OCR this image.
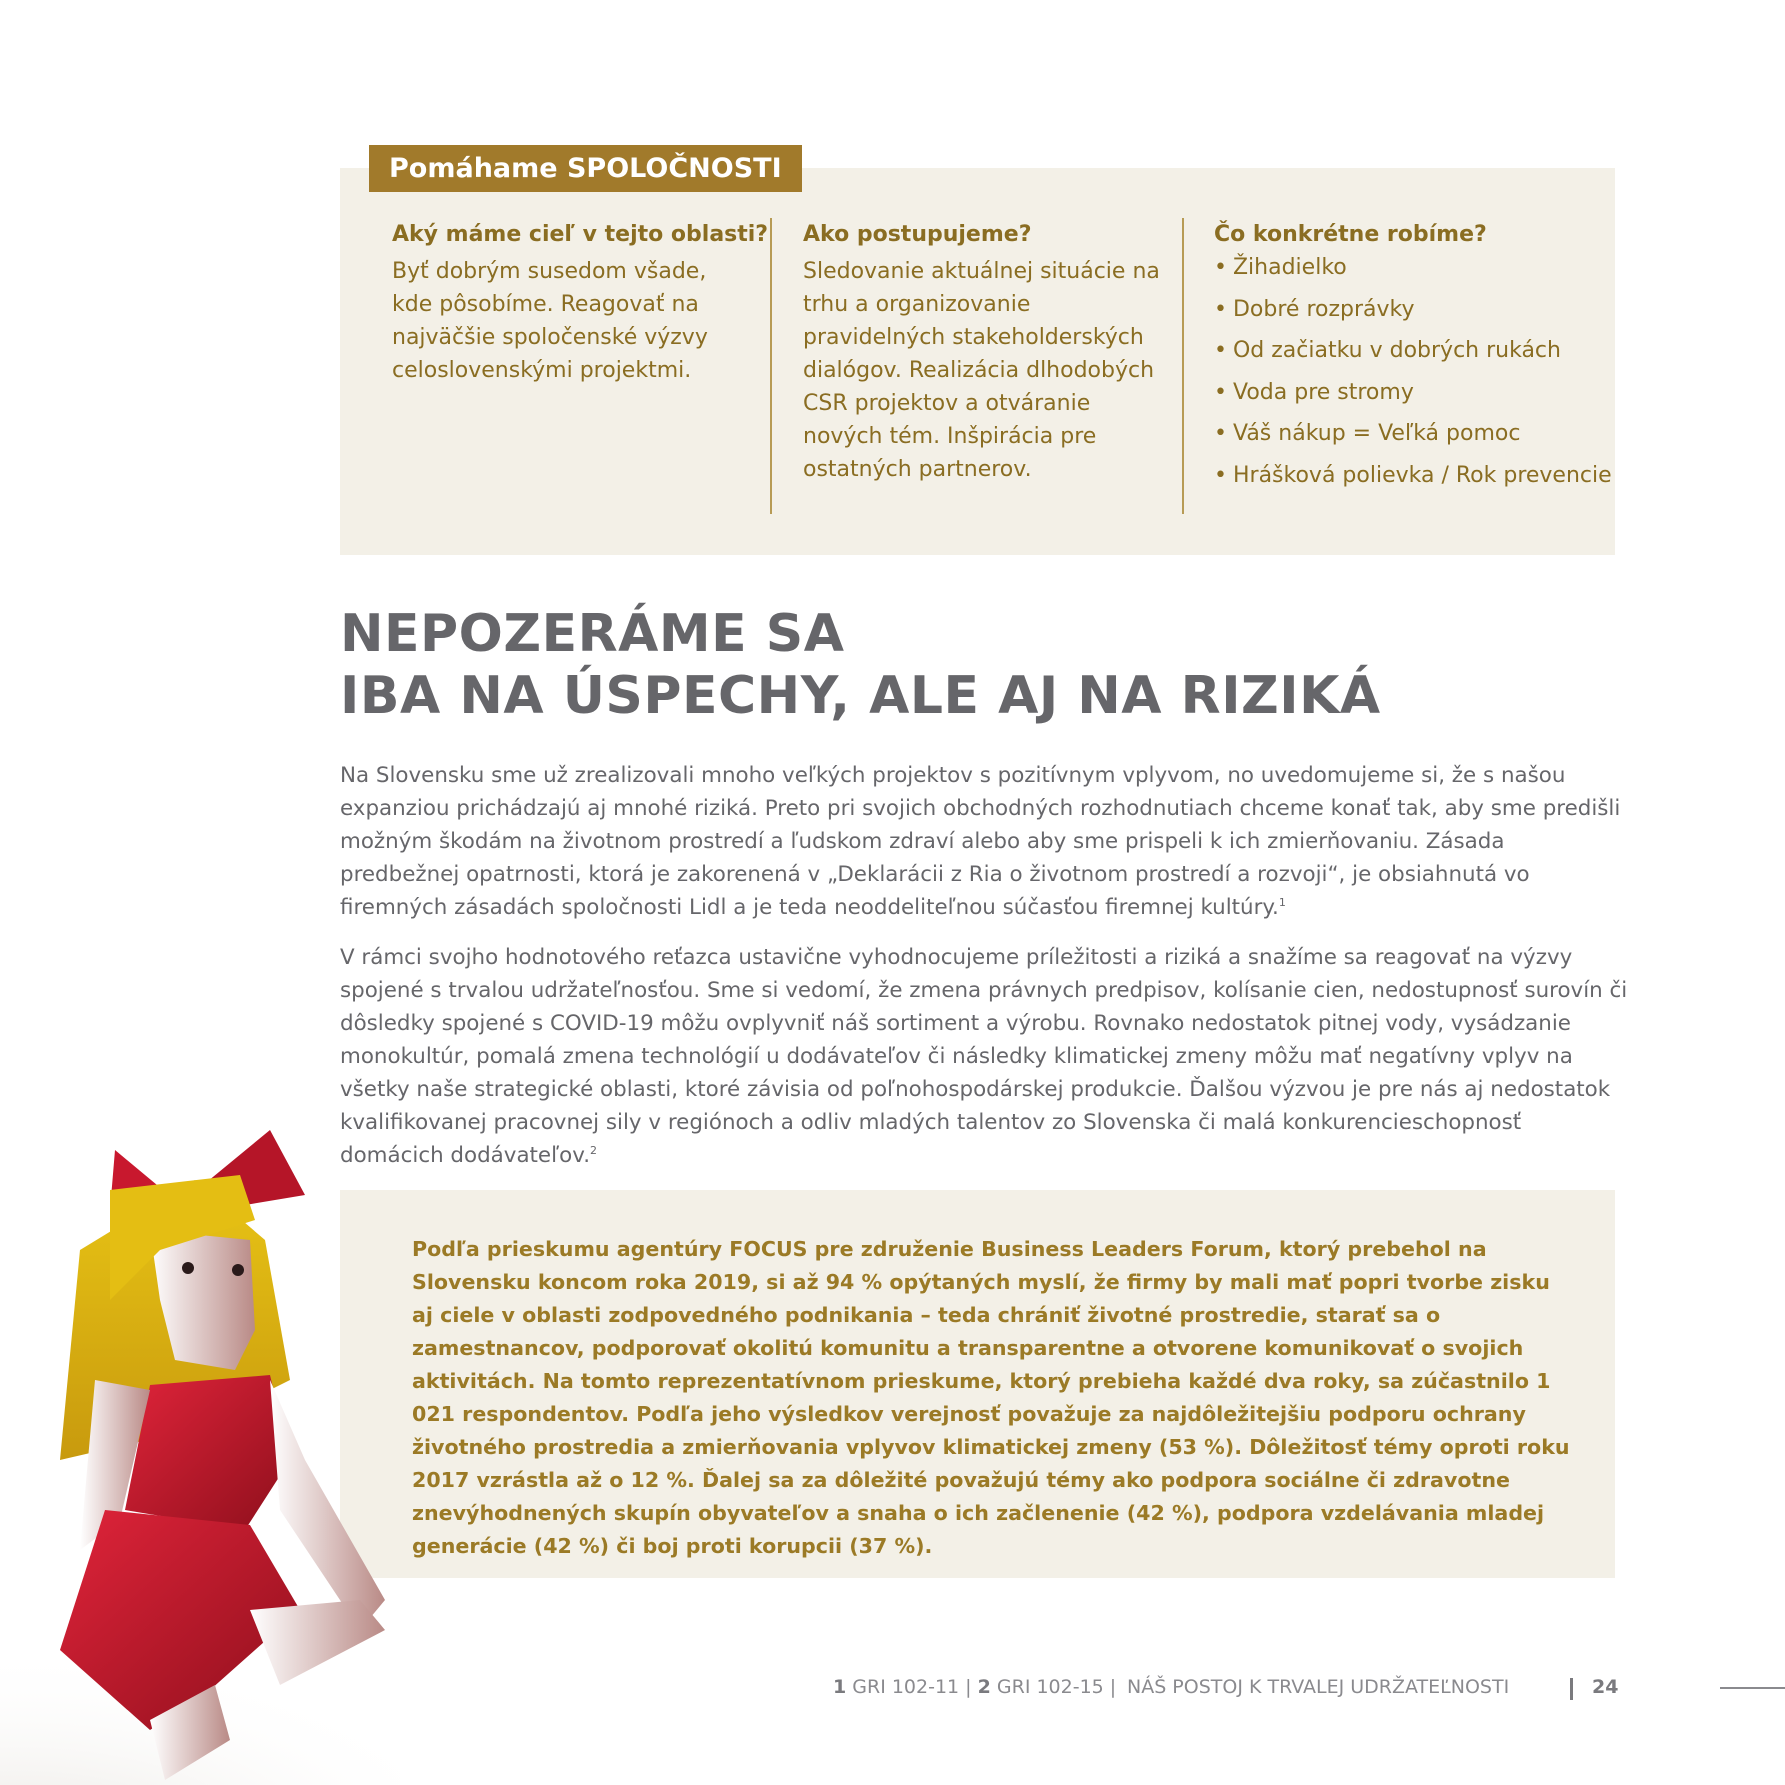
Pomáhame SPOLOČNOSTI
Aký máme cieľ v tejto oblasti?

Byť dobrým susedom všade, kde pôsobíme. Reagovať na najväčšie spoločenské výzvy celoslovenskými projektmi.

Ako postupujeme?

Sledovanie aktuálnej situácie na trhu a organizovanie pravidelných stakeholderských dialógov. Realizácia dlhodobých CSR projektov a otváranie nových tém. Inšpirácia pre ostatných partnerov.

Čo konkrétne robíme?
• Žihadielko
• Dobré rozprávky
• Od začiatku v dobrých rukách
• Voda pre stromy
• Váš nákup = Veľká pomoc
• Hrášková polievka / Rok prevencie
NEPOZERÁME SA
IBA NA ÚSPECHY, ALE AJ NA RIZIKÁ

Na Slovensku sme už zrealizovali mnoho veľkých projektov s pozitívnym vplyvom, no uvedomujeme si, že s našou expanziou prichádzajú aj mnohé riziká. Preto pri svojich obchodných rozhodnutiach chceme konať tak, aby sme predišli možným škodám na životnom prostredí a ľudskom zdraví alebo aby sme prispeli k ich zmierňovaniu. Zásada predbežnej opatrnosti, ktorá je zakorenená v „Deklarácii z Ria o životnom prostredí a rozvoji“, je obsiahnutá vo firemných zásadách spoločnosti Lidl a je teda neoddeliteľnou súčasťou firemnej kultúry.$^1$

V rámci svojho hodnotového reťazca ustavične vyhodnocujeme príležitosti a riziká a snažíme sa reagovať na výzvy spojené s trvalou udržateľnosťou. Sme si vedomí, že zmena právnych predpisov, kolísanie cien, nedostupnosť surovín či dôsledky spojené s COVID-19 môžu ovplyvniť náš sortiment a výrobu. Rovnako nedostatok pitnej vody, vysádzanie monokultúr, pomalá zmena technológií u dodávateľov či následky klimatickej zmeny môžu mať negatívny vplyv na všetky naše strategické oblasti, ktoré závisia od poľnohospodárskej produkcie. Ďalšou výzvou je pre nás aj nedostatok kvalifikovanej pracovnej sily v regiónoch a odliv mladých talentov zo Slovenska či malá konkurencieschopnosť domácich dodávateľov.$^2$

Podľa prieskumu agentúry FOCUS pre združenie Business Leaders Forum, ktorý prebehol na Slovensku koncom roka 2019, si až 94 % opýtaných myslí, že firmy by mali mať popri tvorbe zisku aj ciele v oblasti zodpovedného podnikania – teda chrániť životné prostredie, starať sa o zamestnancov, podporovať okolitú komunitu a transparentne a otvorene komunikovať o svojich aktivitách. Na tomto reprezentatívnom prieskume, ktorý prebieha každé dva roky, sa zúčastnilo 1 021 respondentov. Podľa jeho výsledkov verejnosť považuje za najdôležitejšiu podporu ochrany životného prostredia a zmierňovania vplyvov klimatickej zmeny (53 %). Dôležitosť témy oproti roku 2017 vzrástla až o 12 %. Ďalej sa za dôležité považujú témy ako podpora sociálne či zdravotne znevýhodnených skupín obyvateľov a snaha o ich začlenenie (42 %), podpora vzdelávania mladej generácie (42 %) či boj proti korupcii (37 %).

1 GRI 102-11 | 2 GRI 102-15 | NÁŠ POSTOJ K TRVALEJ UDRŽATEĽNOSTI	24
